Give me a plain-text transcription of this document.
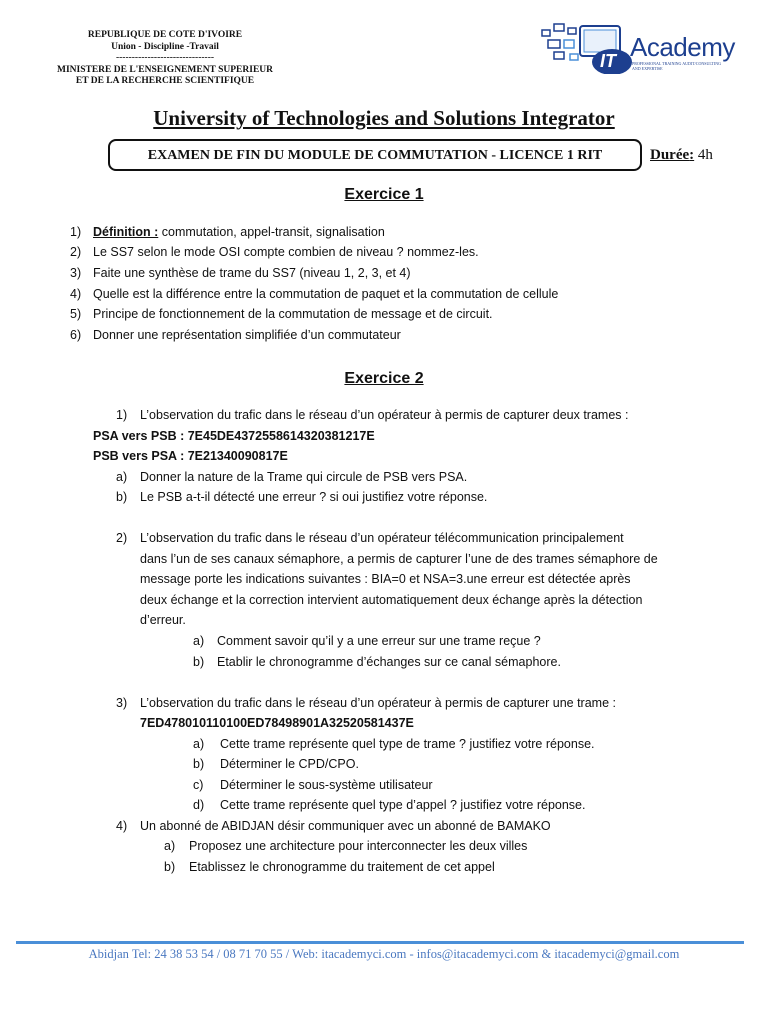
REPUBLIQUE DE COTE D'IVOIRE
Union - Discipline -Travail
-------------------------------
MINISTERE DE L'ENSEIGNEMENT SUPERIEUR
ET DE LA RECHERCHE SCIENTIFIQUE
IT Academy
PROFESSIONAL TRAINING AUDIT/CONSULTING AND EXPERTISE
University of Technologies and Solutions Integrator
EXAMEN DE FIN DU MODULE DE COMMUTATION - LICENCE 1 RIT	Durée: 4h
Exercice 1
1) Définition : commutation, appel-transit, signalisation
2) Le SS7 selon le mode OSI compte combien de niveau ? nommez-les.
3) Faite une synthèse de trame du SS7 (niveau 1, 2, 3, et 4)
4) Quelle est la différence entre la commutation de paquet et la commutation de cellule
5) Principe de fonctionnement de la commutation de message et de circuit.
6) Donner une représentation simplifiée d’un commutateur
Exercice 2
1) L’observation du trafic dans le réseau d’un opérateur à permis de capturer deux trames :
PSA vers PSB : 7E45DE4372558614320381217E
PSB vers PSA : 7E21340090817E
a) Donner la nature de la Trame qui circule de PSB vers PSA.
b) Le PSB a-t-il détecté une erreur ? si oui justifiez votre réponse.
2) L’observation du trafic dans le réseau d’un opérateur télécommunication principalement
dans l’un de ses canaux sémaphore, a permis de capturer l’une de des trames sémaphore de
message porte les indications suivantes : BIA=0 et NSA=3.une erreur est détectée après
deux échange et la correction intervient automatiquement deux échange après la détection
d’erreur.
a) Comment savoir qu’il y a une erreur sur une trame reçue ?
b) Etablir le chronogramme d’échanges sur ce canal sémaphore.
3) L’observation du trafic dans le réseau d’un opérateur à permis de capturer une trame :
7ED478010110100ED78498901A32520581437E
a) Cette trame représente quel type de trame ? justifiez votre réponse.
b) Déterminer le CPD/CPO.
c) Déterminer le sous-système utilisateur
d) Cette trame représente quel type d’appel ? justifiez votre réponse.
4) Un abonné de ABIDJAN désir communiquer avec un abonné de BAMAKO
a) Proposez une architecture pour interconnecter les deux villes
b) Etablissez le chronogramme du traitement de cet appel
Abidjan Tel: 24 38 53 54 / 08 71 70 55 / Web: itacademyci.com - infos@itacademyci.com & itacademyci@gmail.com
